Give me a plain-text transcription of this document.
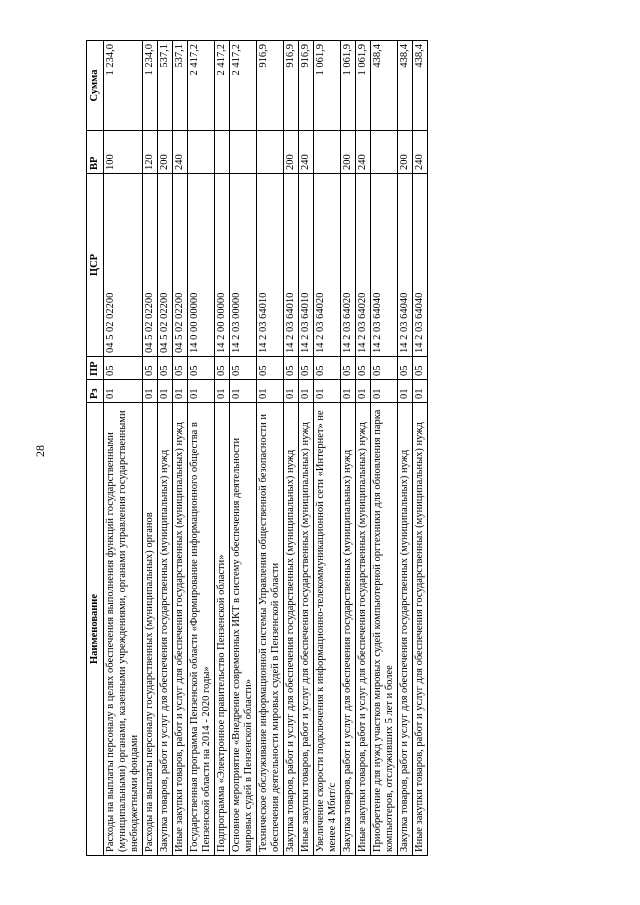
28
Наименование	Рз	ПР	ЦСР	ВР	Сумма
Расходы на выплаты персоналу в целях обеспечения выполнения функций государственными (муниципальными) органами, казенными учреждениями, органами управления государственными внебюджетными фондами	01	05	04 5 02 02200	100	1 234,0
Расходы на выплаты персоналу государственных (муниципальных) органов	01	05	04 5 02 02200	120	1 234,0
Закупка товаров, работ и услуг для обеспечения государственных (муниципальных) нужд	01	05	04 5 02 02200	200	537,1
Иные закупки товаров, работ и услуг для обеспечения государственных (муниципальных) нужд	01	05	04 5 02 02200	240	537,1
Государственная программа Пензенской области «Формирование информационного общества в Пензенской области на 2014 - 2020 годы»	01	05	14 0 00 00000		2 417,2
Подпрограмма «Электронное правительство Пензенской области»	01	05	14 2 00 00000		2 417,2
Основное мероприятие «Внедрение современных ИКТ в систему обеспечения деятельности мировых судей в Пензенской области»	01	05	14 2 03 00000		2 417,2
Техническое обслуживание информационной системы Управления общественной безопасности и обеспечения деятельности мировых судей в Пензенской области	01	05	14 2 03 64010		916,9
Закупка товаров, работ и услуг для обеспечения государственных (муниципальных) нужд	01	05	14 2 03 64010	200	916,9
Иные закупки товаров, работ и услуг для обеспечения государственных (муниципальных) нужд	01	05	14 2 03 64010	240	916,9
Увеличение скорости подключения к информационно-телекоммуникационной сети «Интернет» не менее 4 Мбит/с	01	05	14 2 03 64020		1 061,9
Закупка товаров, работ и услуг для обеспечения государственных (муниципальных) нужд	01	05	14 2 03 64020	200	1 061,9
Иные закупки товаров, работ и услуг для обеспечения государственных (муниципальных) нужд	01	05	14 2 03 64020	240	1 061,9
Приобретение для нужд участков мировых судей компьютерной оргтехники для обновления парка компьютеров, отслуживших 5 лет и более	01	05	14 2 03 64040		438,4
Закупка товаров, работ и услуг для обеспечения государственных (муниципальных) нужд	01	05	14 2 03 64040	200	438,4
Иные закупки товаров, работ и услуг для обеспечения государственных (муниципальных) нужд	01	05	14 2 03 64040	240	438,4
